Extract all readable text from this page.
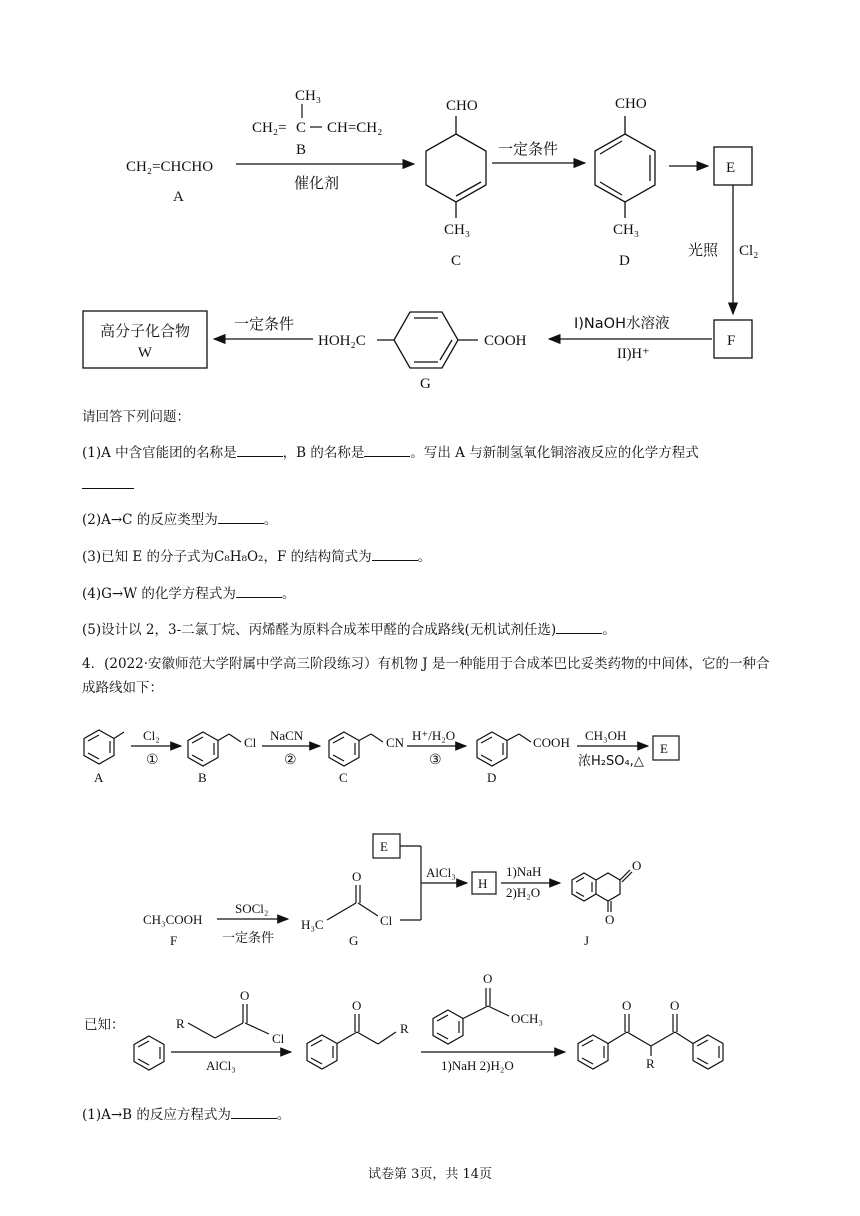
CH₂=CHCHO
A
CH₃
CH₂= C CH=CH₂
B
催化剂
CHO
CH₃
C
一定条件
CHO
CH₃
D
E
光照 Cl₂
F
I)NaOH水溶液
II)H⁺
HOH₂C	COOH
G
一定条件
高分子化合物
W
请回答下列问题：
(1)A 中含官能团的名称是	，B 的名称是	。写出 A 与新制氢氧化铜溶液反应的化学方程式
(2)A→C 的反应类型为	。
(3)已知 E 的分子式为C₈H₈O₂，F 的结构简式为	。
(4)G→W 的化学方程式为	。
(5)设计以 2，3-二氯丁烷、丙烯醛为原料合成苯甲醛的合成路线(无机试剂任选)	。
4．(2022·安徽师范大学附属中学高三阶段练习）有机物 J 是一种能用于合成苯巴比妥类药物的中间体，它的一种合成路线如下：
A
Cl₂
①
Cl
B
NaCN
②
CN
C
H⁺/H₂O
③
COOH
D
CH₃OH
浓H₂SO₄,△
E
CH₃COOH
F
SOCl₂
一定条件
H₃C
O
Cl
G
E
AlCl₃
H
1)NaH
2)H₂O
O
O
J
已知：	R
O
Cl
AlCl₃
O
R
O
OCH₃
1)NaH 2)H₂O
O	O
R
(1)A→B 的反应方程式为	。
试卷第 3页，共 14页
